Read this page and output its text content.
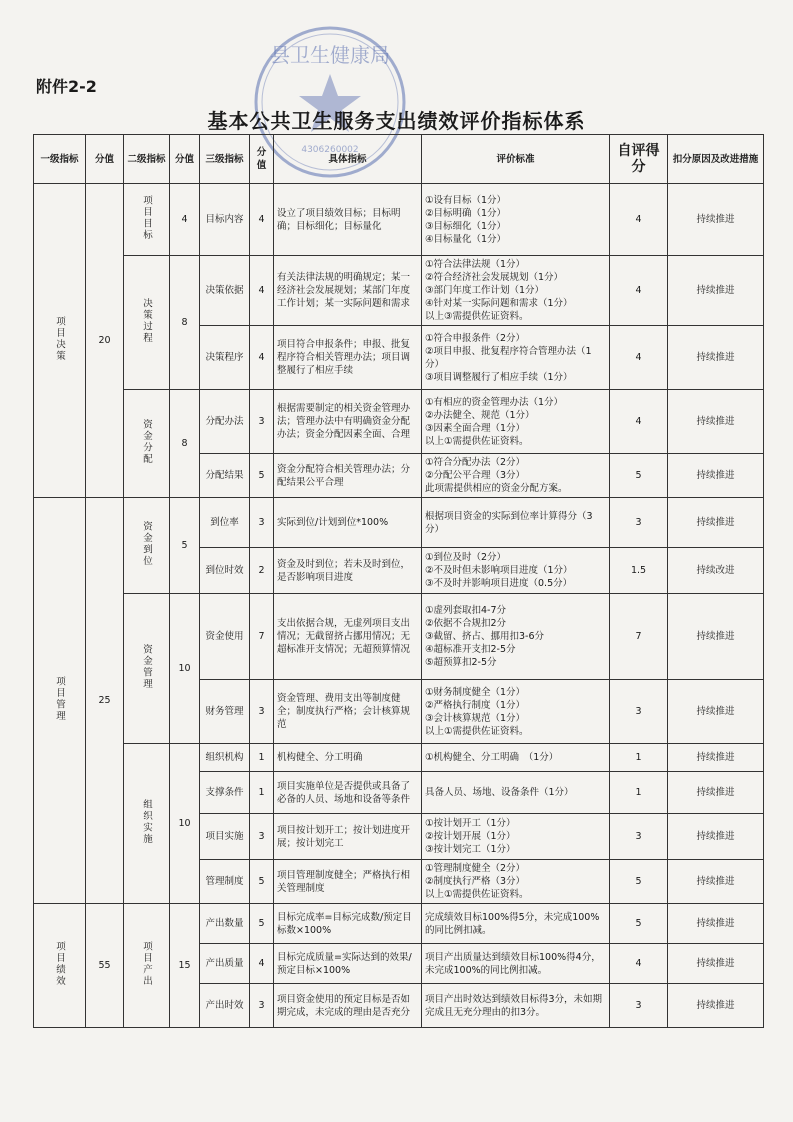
附件2-2
县卫生健康局
4306260002
基本公共卫生服务支出绩效评价指标体系
一级指标	分值	二级指标	分值	三级指标	分值	具体指标	评价标准	自评得分	扣分原因及改进措施
项目决策	20	项目目标	4	目标内容	4	设立了项目绩效目标；目标明确；目标细化；目标量化	①设有目标（1分）
②目标明确（1分）
③目标细化（1分）
④目标量化（1分）	4	持续推进
		决策过程	8	决策依据	4	有关法律法规的明确规定；某一经济社会发展规划；某部门年度工作计划；某一实际问题和需求	①符合法律法规（1分）
②符合经济社会发展规划（1分）
③部门年度工作计划（1分）
④针对某一实际问题和需求（1分）
以上③需提供佐证资料。	4	持续推进
				决策程序	4	项目符合申报条件；申报、批复程序符合相关管理办法；项目调整履行了相应手续	①符合申报条件（2分）
②项目申报、批复程序符合管理办法（1分）
③项目调整履行了相应手续（1分）	4	持续推进
		资金分配	8	分配办法	3	根据需要制定的相关资金管理办法；管理办法中有明确资金分配办法；资金分配因素全面、合理	①有相应的资金管理办法（1分）
②办法健全、规范（1分）
③因素全面合理（1分）
以上①需提供佐证资料。	4	持续推进
				分配结果	5	资金分配符合相关管理办法；分配结果公平合理	①符合分配办法（2分）
②分配公平合理（3分）
此项需提供相应的资金分配方案。	5	持续推进
项目管理	25	资金到位	5	到位率	3	实际到位/计划到位*100%	根据项目资金的实际到位率计算得分（3分）	3	持续推进
				到位时效	2	资金及时到位；若未及时到位，是否影响项目进度	①到位及时（2分）
②不及时但未影响项目进度（1分）
③不及时并影响项目进度（0.5分）	1.5	持续改进
		资金管理	10	资金使用	7	支出依据合规，无虚列项目支出情况；无截留挤占挪用情况；无超标准开支情况；无超预算情况	①虚列套取扣4-7分
②依据不合规扣2分
③截留、挤占、挪用扣3-6分
④超标准开支扣2-5分
⑤超预算扣2-5分	7	持续推进
				财务管理	3	资金管理、费用支出等制度健全；制度执行严格；会计核算规范	①财务制度健全（1分）
②严格执行制度（1分）
③会计核算规范（1分）
以上①需提供佐证资料。	3	持续推进
		组织实施	10	组织机构	1	机构健全、分工明确	①机构健全、分工明确　（1分）	1	持续推进
				支撑条件	1	项目实施单位是否提供或具备了必备的人员、场地和设备等条件	具备人员、场地、设备条件（1分）	1	持续推进
				项目实施	3	项目按计划开工；按计划进度开展；按计划完工	①按计划开工（1分）
②按计划开展（1分）
③按计划完工（1分）	3	持续推进
				管理制度	5	项目管理制度健全；严格执行相关管理制度	①管理制度健全（2分）
②制度执行严格（3分）
以上①需提供佐证资料。	5	持续推进
项目绩效	55	项目产出	15	产出数量	5	目标完成率=目标完成数/预定目标数×100%	完成绩效目标100%得5分，未完成100%的同比例扣减。	5	持续推进
				产出质量	4	目标完成质量=实际达到的效果/预定目标×100%	项目产出质量达到绩效目标100%得4分，未完成100%的同比例扣减。	4	持续推进
				产出时效	3	项目资金使用的预定目标是否如期完成，未完成的理由是否充分	项目产出时效达到绩效目标得3分，未如期完成且无充分理由的扣3分。	3	持续推进
